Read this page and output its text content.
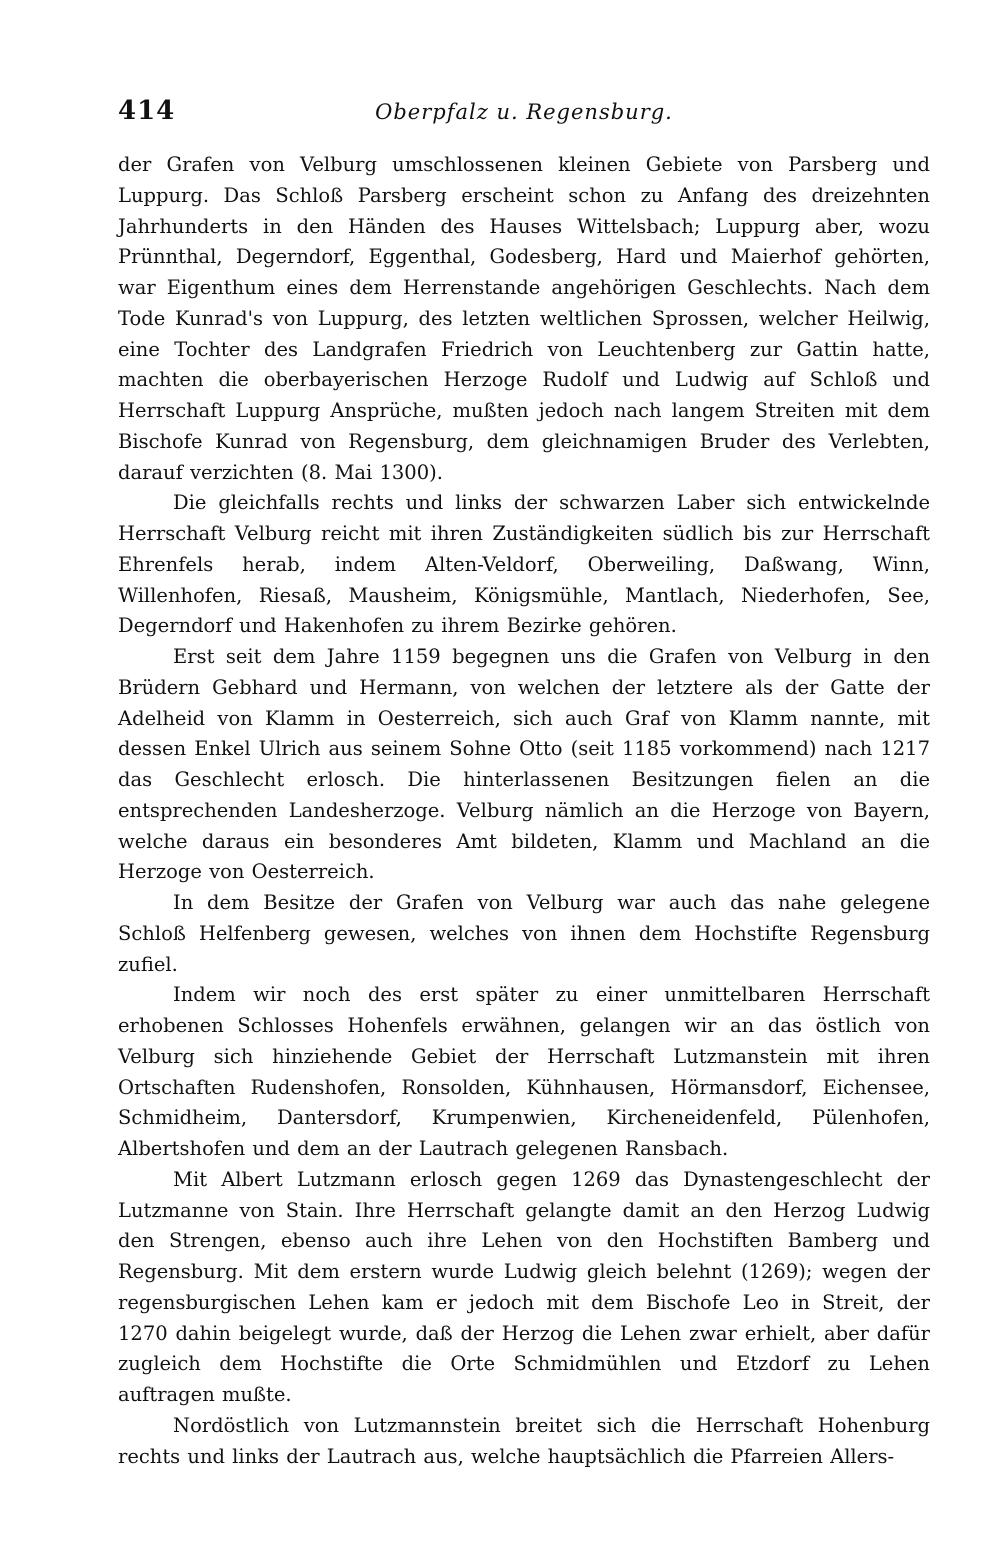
414	Oberpfalz u. Regensburg.

der Grafen von Velburg umschlossenen kleinen Gebiete von Parsberg und Luppurg. Das Schloß Parsberg erscheint schon zu Anfang des dreizehnten Jahrhunderts in den Händen des Hauses Wittelsbach; Luppurg aber, wozu Prünnthal, Degerndorf, Eggenthal, Godesberg, Hard und Maierhof gehörten, war Eigenthum eines dem Herrenstande angehörigen Geschlechts. Nach dem Tode Kunrad's von Luppurg, des letzten weltlichen Sprossen, welcher Heilwig, eine Tochter des Landgrafen Friedrich von Leuchtenberg zur Gattin hatte, machten die oberbayerischen Herzoge Rudolf und Ludwig auf Schloß und Herrschaft Luppurg Ansprüche, mußten jedoch nach langem Streiten mit dem Bischofe Kunrad von Regensburg, dem gleichnamigen Bruder des Verlebten, darauf verzichten (8. Mai 1300).

Die gleichfalls rechts und links der schwarzen Laber sich entwickelnde Herrschaft Velburg reicht mit ihren Zuständigkeiten südlich bis zur Herrschaft Ehrenfels herab, indem Alten-Veldorf, Oberweiling, Daßwang, Winn, Willenhofen, Riesaß, Mausheim, Königsmühle, Mantlach, Niederhofen, See, Degerndorf und Hakenhofen zu ihrem Bezirke gehören.

Erst seit dem Jahre 1159 begegnen uns die Grafen von Velburg in den Brüdern Gebhard und Hermann, von welchen der letztere als der Gatte der Adelheid von Klamm in Oesterreich, sich auch Graf von Klamm nannte, mit dessen Enkel Ulrich aus seinem Sohne Otto (seit 1185 vorkommend) nach 1217 das Geschlecht erlosch. Die hinterlassenen Besitzungen fielen an die entsprechenden Landesherzoge. Velburg nämlich an die Herzoge von Bayern, welche daraus ein besonderes Amt bildeten, Klamm und Machland an die Herzoge von Oesterreich.

In dem Besitze der Grafen von Velburg war auch das nahe gelegene Schloß Helfenberg gewesen, welches von ihnen dem Hochstifte Regensburg zufiel.

Indem wir noch des erst später zu einer unmittelbaren Herrschaft erhobenen Schlosses Hohenfels erwähnen, gelangen wir an das östlich von Velburg sich hinziehende Gebiet der Herrschaft Lutzmanstein mit ihren Ortschaften Rudenshofen, Ronsolden, Kühnhausen, Hörmansdorf, Eichensee, Schmidheim, Dantersdorf, Krumpenwien, Kircheneidenfeld, Pülenhofen, Albertshofen und dem an der Lautrach gelegenen Ransbach.

Mit Albert Lutzmann erlosch gegen 1269 das Dynastengeschlecht der Lutzmanne von Stain. Ihre Herrschaft gelangte damit an den Herzog Ludwig den Strengen, ebenso auch ihre Lehen von den Hochstiften Bamberg und Regensburg. Mit dem erstern wurde Ludwig gleich belehnt (1269); wegen der regensburgischen Lehen kam er jedoch mit dem Bischofe Leo in Streit, der 1270 dahin beigelegt wurde, daß der Herzog die Lehen zwar erhielt, aber dafür zugleich dem Hochstifte die Orte Schmidmühlen und Etzdorf zu Lehen auftragen mußte.

Nordöstlich von Lutzmannstein breitet sich die Herrschaft Hohenburg rechts und links der Lautrach aus, welche hauptsächlich die Pfarreien Allers-
